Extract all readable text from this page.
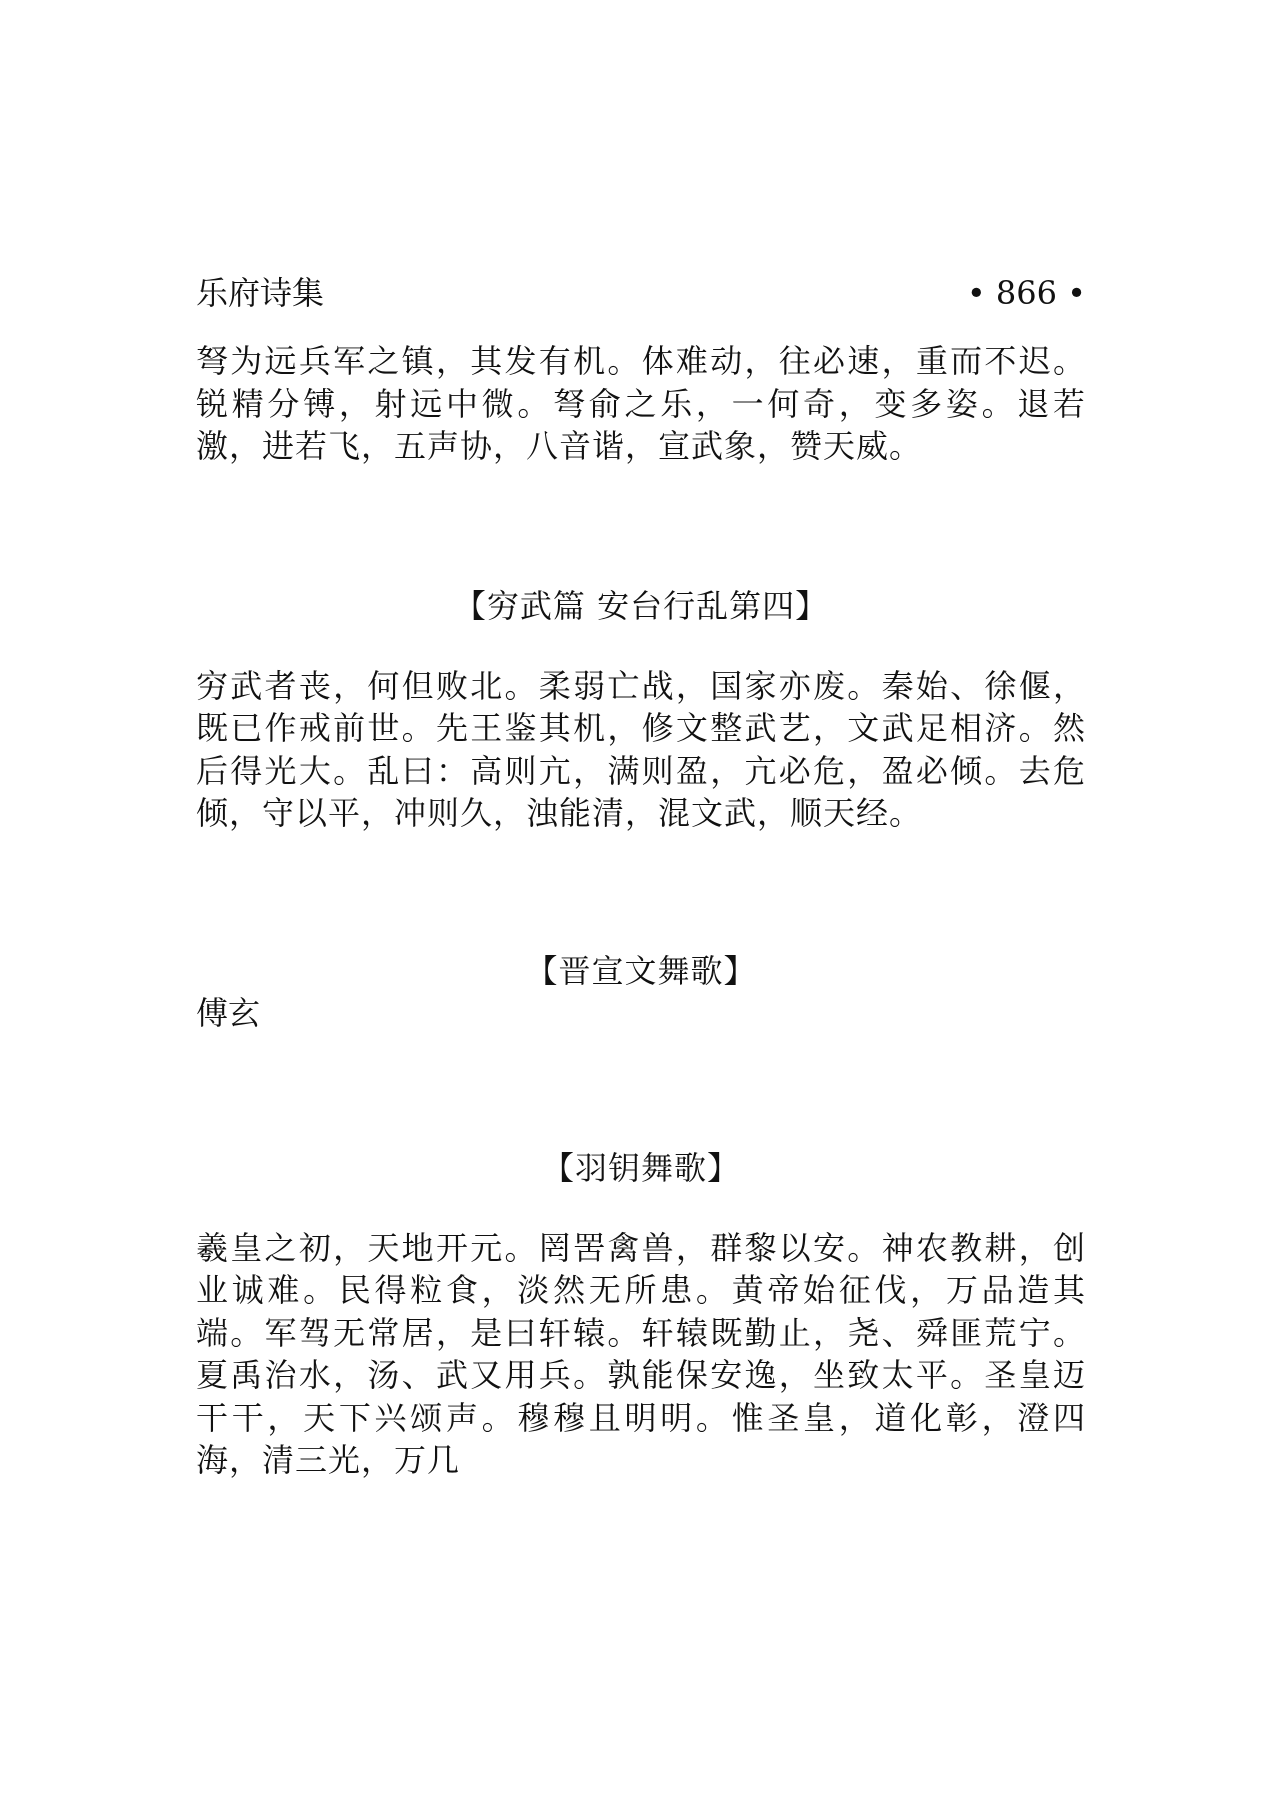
乐府诗集	• 866 •

弩为远兵军之镇，其发有机。体难动，往必速，重而不迟。锐精分镈，射远中微。弩俞之乐，一何奇，变多姿。退若激，进若飞，五声协，八音谐，宣武象，赞天威。

【穷武篇 安台行乱第四】

穷武者丧，何但败北。柔弱亡战，国家亦废。秦始、徐偃，既已作戒前世。先王鉴其机，修文整武艺，文武足相济。然后得光大。乱曰：高则亢，满则盈，亢必危，盈必倾。去危倾，守以平，冲则久，浊能清，混文武，顺天经。

【晋宣文舞歌】
傅玄
【羽钥舞歌】

羲皇之初，天地开元。罔罟禽兽，群黎以安。神农教耕，创业诚难。民得粒食，淡然无所患。黄帝始征伐，万品造其端。军驾无常居，是曰轩辕。轩辕既勤止，尧、舜匪荒宁。夏禹治水，汤、武又用兵。孰能保安逸，坐致太平。圣皇迈干干，天下兴颂声。穆穆且明明。惟圣皇，道化彰，澄四海，清三光，万几
